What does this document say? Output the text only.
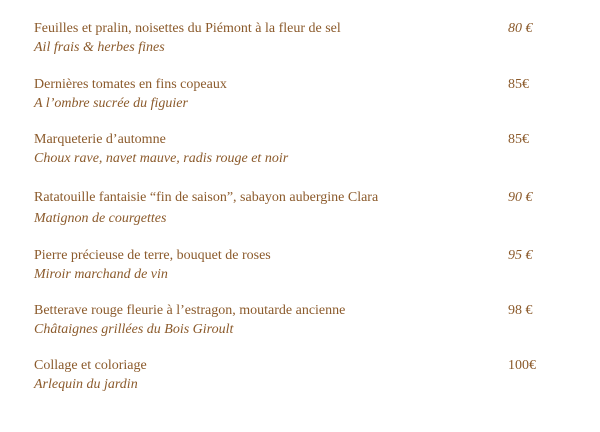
Feuilles et pralin, noisettes du Piémont à la fleur de sel
Ail frais & herbes fines
80 €
Dernières tomates en fins copeaux
A l’ombre sucrée du figuier
85€
Marqueterie d’automne
Choux rave, navet mauve, radis rouge et noir
85€
Ratatouille fantaisie “fin de saison”, sabayon aubergine Clara
Matignon de courgettes
90 €
Pierre précieuse de terre, bouquet de roses
Miroir marchand de vin
95 €
Betterave rouge fleurie à l’estragon, moutarde ancienne
Châtaignes grillées du Bois Giroult
98 €
Collage et coloriage
Arlequin du jardin
100€
